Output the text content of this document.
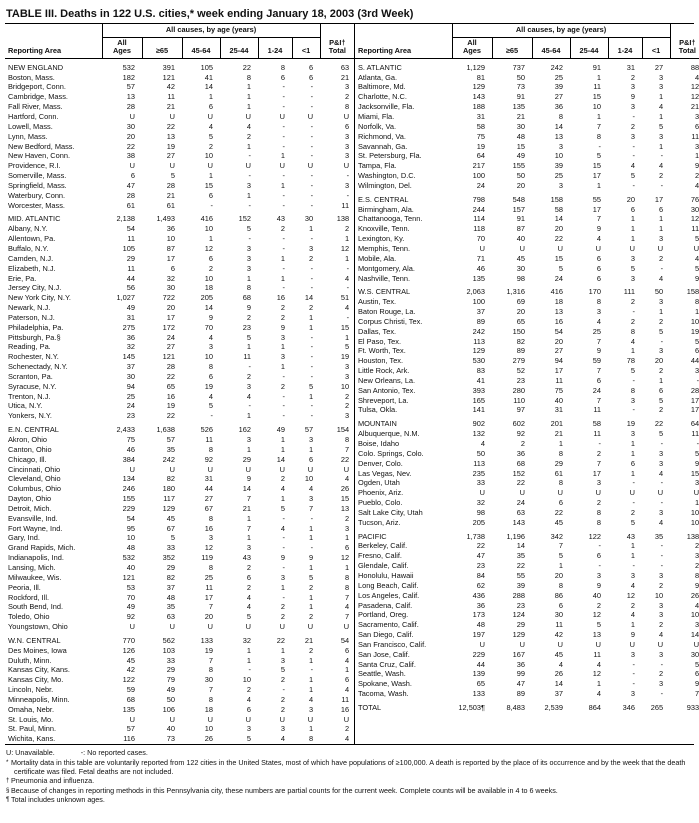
TABLE III. Deaths in 122 U.S. cities,* week ending January 18, 2003 (3rd Week)
Reporting Area	All causes, by age (years)						P&I† Total
	All Ages	≥65	45-64	25-44	1-24	<1	
NEW ENGLAND	532	391	105	22	8	6	63
Boston, Mass.	182	121	41	8	6	6	21
Bridgeport, Conn.	57	42	14	1	-	-	3
Cambridge, Mass.	13	11	1	1	-	-	2
Fall River, Mass.	28	21	6	1	-	-	8
Hartford, Conn.	U	U	U	U	U	U	U
Lowell, Mass.	30	22	4	4	-	-	6
Lynn, Mass.	20	13	5	2	-	-	3
New Bedford, Mass.	22	19	2	1	-	-	3
New Haven, Conn.	38	27	10	-	1	-	3
Providence, R.I.	U	U	U	U	U	U	U
Somerville, Mass.	6	5	1	-	-	-	-
Springfield, Mass.	47	28	15	3	1	-	3
Waterbury, Conn.	28	21	6	1	-	-	-
Worcester, Mass.	61	61	-	-	-	-	11
MID. ATLANTIC	2,138	1,493	416	152	43	30	138
Albany, N.Y.	54	36	10	5	2	1	2
Allentown, Pa.	11	10	1	-	-	-	1
Buffalo, N.Y.	105	87	12	3	-	3	12
Camden, N.J.	29	17	6	3	1	2	1
Elizabeth, N.J.	11	6	2	3	-	-	-
Erie, Pa.	44	32	10	1	1	-	4
Jersey City, N.J.	56	30	18	8	-	-	-
New York City, N.Y.	1,027	722	205	68	16	14	51
Newark, N.J.	49	20	14	9	2	2	4
Paterson, N.J.	31	17	9	2	2	1	-
Philadelphia, Pa.	275	172	70	23	9	1	15
Pittsburgh, Pa.§	36	24	4	5	3	-	1
Reading, Pa.	32	27	3	1	1	-	5
Rochester, N.Y.	145	121	10	11	3	-	19
Schenectady, N.Y.	37	28	8	-	1	-	3
Scranton, Pa.	30	22	6	2	-	-	3
Syracuse, N.Y.	94	65	19	3	2	5	10
Trenton, N.J.	25	16	4	4	-	1	2
Utica, N.Y.	24	19	5	-	-	-	2
Yonkers, N.Y.	23	22	-	1	-	-	3
E.N. CENTRAL	2,433	1,638	526	162	49	57	154
Akron, Ohio	75	57	11	3	1	3	8
Canton, Ohio	46	35	8	1	1	1	7
Chicago, Ill.	384	242	92	29	14	6	22
Cincinnati, Ohio	U	U	U	U	U	U	U
Cleveland, Ohio	134	82	31	9	2	10	4
Columbus, Ohio	246	180	44	14	4	4	26
Dayton, Ohio	155	117	27	7	1	3	15
Detroit, Mich.	229	129	67	21	5	7	13
Evansville, Ind.	54	45	8	1	-	-	2
Fort Wayne, Ind.	95	67	16	7	4	1	3
Gary, Ind.	10	5	3	1	-	1	1
Grand Rapids, Mich.	48	33	12	3	-	-	6
Indianapolis, Ind.	532	352	119	43	9	9	12
Lansing, Mich.	40	29	8	2	-	1	1
Milwaukee, Wis.	121	82	25	6	3	5	8
Peoria, Ill.	53	37	11	2	1	2	8
Rockford, Ill.	70	48	17	4	-	1	7
South Bend, Ind.	49	35	7	4	2	1	4
Toledo, Ohio	92	63	20	5	2	2	7
Youngstown, Ohio	U	U	U	U	U	U	U
W.N. CENTRAL	770	562	133	32	22	21	54
Des Moines, Iowa	126	103	19	1	1	2	6
Duluth, Minn.	45	33	7	1	3	1	4
Kansas City, Kans.	42	29	8	-	5	-	1
Kansas City, Mo.	122	79	30	10	2	1	6
Lincoln, Nebr.	59	49	7	2	-	1	4
Minneapolis, Minn.	68	50	8	4	2	4	11
Omaha, Nebr.	135	106	18	6	2	3	16
St. Louis, Mo.	U	U	U	U	U	U	U
St. Paul, Minn.	57	40	10	3	3	1	2
Wichita, Kans.	116	73	26	5	4	8	4
Reporting Area	All causes, by age (years)						P&I† Total
	All Ages	≥65	45-64	25-44	1-24	<1	
S. ATLANTIC	1,129	737	242	91	31	27	88
Atlanta, Ga.	81	50	25	1	2	3	4
Baltimore, Md.	129	73	39	11	3	3	12
Charlotte, N.C.	143	91	27	15	9	1	12
Jacksonville, Fla.	188	135	36	10	3	4	21
Miami, Fla.	31	21	8	1	-	1	3
Norfolk, Va.	58	30	14	7	2	5	6
Richmond, Va.	75	48	13	8	3	3	11
Savannah, Ga.	19	15	3	-	-	1	3
St. Petersburg, Fla.	64	49	10	5	-	-	1
Tampa, Fla.	217	155	39	15	4	4	9
Washington, D.C.	100	50	25	17	5	2	2
Wilmington, Del.	24	20	3	1	-	-	4
E.S. CENTRAL	798	548	158	55	20	17	76
Birmingham, Ala.	244	157	58	17	6	6	30
Chattanooga, Tenn.	114	91	14	7	1	1	12
Knoxville, Tenn.	118	87	20	9	1	1	11
Lexington, Ky.	70	40	22	4	1	3	5
Memphis, Tenn.	U	U	U	U	U	U	U
Mobile, Ala.	71	45	15	6	3	2	4
Montgomery, Ala.	46	30	5	6	5	-	5
Nashville, Tenn.	135	98	24	6	3	4	9
W.S. CENTRAL	2,063	1,316	416	170	111	50	158
Austin, Tex.	100	69	18	8	2	3	8
Baton Rouge, La.	37	20	13	3	-	1	1
Corpus Christi, Tex.	89	65	16	4	2	2	10
Dallas, Tex.	242	150	54	25	8	5	19
El Paso, Tex.	113	82	20	7	4	-	5
Ft. Worth, Tex.	129	89	27	9	1	3	6
Houston, Tex.	530	279	94	59	78	20	44
Little Rock, Ark.	83	52	17	7	5	2	3
New Orleans, La.	41	23	11	6	-	1	-
San Antonio, Tex.	393	280	75	24	8	6	28
Shreveport, La.	165	110	40	7	3	5	17
Tulsa, Okla.	141	97	31	11	-	2	17
MOUNTAIN	902	602	201	58	19	22	64
Albuquerque, N.M.	132	92	21	11	3	5	11
Boise, Idaho	4	2	1	-	1	-	-
Colo. Springs, Colo.	50	36	8	2	1	3	5
Denver, Colo.	113	68	29	7	6	3	9
Las Vegas, Nev.	235	152	61	17	1	4	15
Ogden, Utah	33	22	8	3	-	-	3
Phoenix, Ariz.	U	U	U	U	U	U	U
Pueblo, Colo.	32	24	6	2	-	-	1
Salt Lake City, Utah	98	63	22	8	2	3	10
Tucson, Ariz.	205	143	45	8	5	4	10
PACIFIC	1,738	1,196	342	122	43	35	138
Berkeley, Calif.	22	14	7	-	1	-	2
Fresno, Calif.	47	35	5	6	1	-	3
Glendale, Calif.	23	22	1	-	-	-	2
Honolulu, Hawaii	84	55	20	3	3	3	8
Long Beach, Calif.	62	39	8	9	4	2	9
Los Angeles, Calif.	436	288	86	40	12	10	26
Pasadena, Calif.	36	23	6	2	2	3	4
Portland, Oreg.	173	124	30	12	4	3	10
Sacramento, Calif.	48	29	11	5	1	2	3
San Diego, Calif.	197	129	42	13	9	4	14
San Francisco, Calif.	U	U	U	U	U	U	U
San Jose, Calif.	229	167	45	11	3	3	30
Santa Cruz, Calif.	44	36	4	4	-	-	5
Seattle, Wash.	139	99	26	12	-	2	6
Spokane, Wash.	65	47	14	1	-	3	9
Tacoma, Wash.	133	89	37	4	3	-	7
TOTAL	12,503¶	8,483	2,539	864	346	265	933
U: Unavailable.	-: No reported cases.
* Mortality data in this table are voluntarily reported from 122 cities in the United States, most of which have populations of ≥100,000. A death is reported by the place of its occurrence and by the week that the death certificate was filed. Fetal deaths are not included.
† Pneumonia and influenza.
§ Because of changes in reporting methods in this Pennsylvania city, these numbers are partial counts for the current week. Complete counts will be available in 4 to 6 weeks.
¶ Total includes unknown ages.
